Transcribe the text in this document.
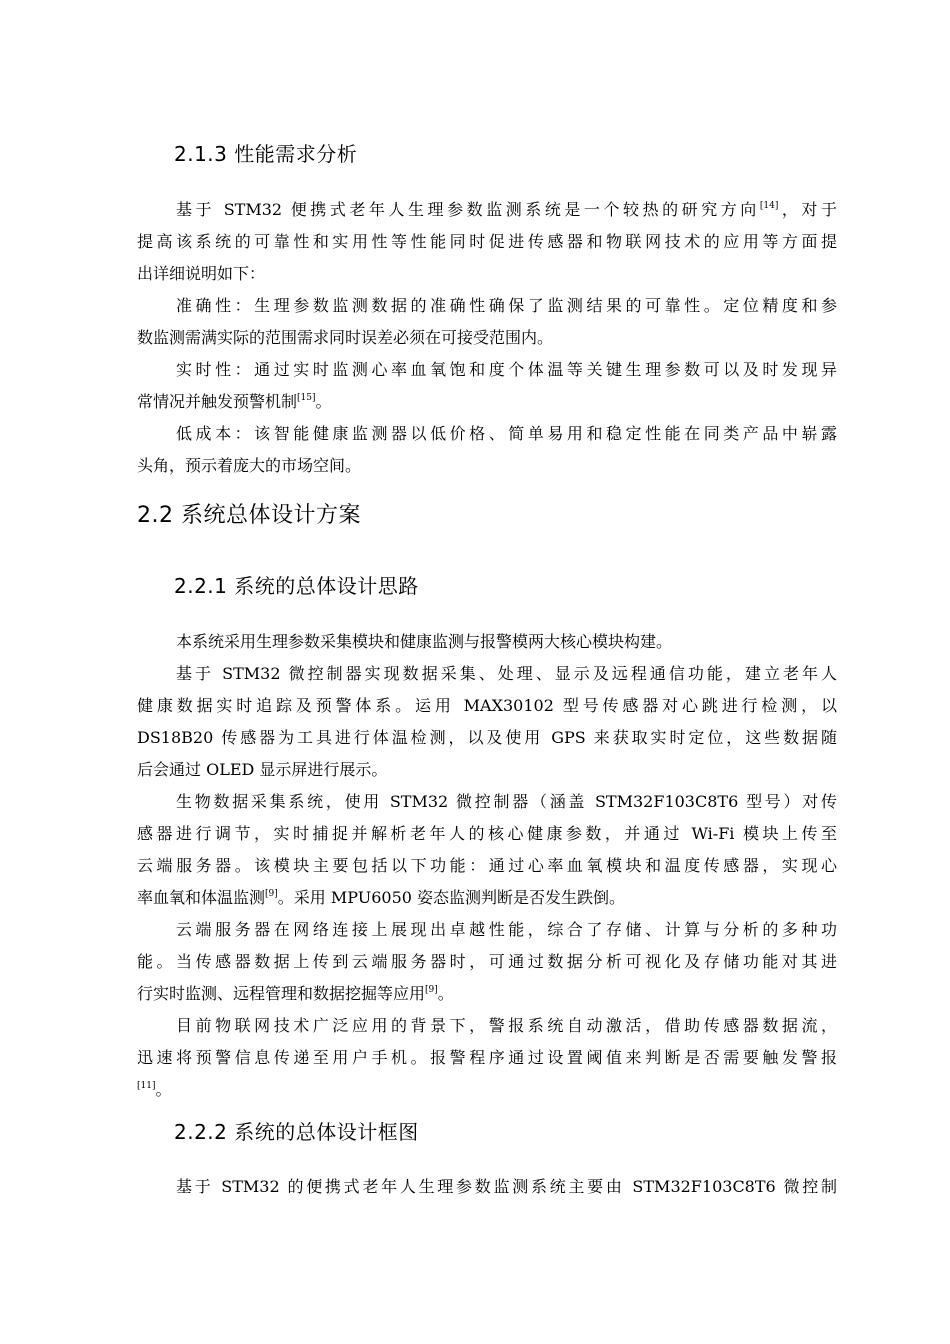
2.1.3 性能需求分析
基于 STM32 便携式老年人生理参数监测系统是一个较热的研究方向[14]，对于
提高该系统的可靠性和实用性等性能同时促进传感器和物联网技术的应用等方面提
出详细说明如下：
准确性：生理参数监测数据的准确性确保了监测结果的可靠性。定位精度和参
数监测需满实际的范围需求同时误差必须在可接受范围内。
实时性：通过实时监测心率血氧饱和度个体温等关键生理参数可以及时发现异
常情况并触发预警机制[15]。
低成本：该智能健康监测器以低价格、简单易用和稳定性能在同类产品中崭露
头角，预示着庞大的市场空间。
2.2 系统总体设计方案
2.2.1 系统的总体设计思路
本系统采用生理参数采集模块和健康监测与报警模两大核心模块构建。
基于 STM32 微控制器实现数据采集、处理、显示及远程通信功能，建立老年人
健康数据实时追踪及预警体系。运用 MAX30102 型号传感器对心跳进行检测，以
DS18B20 传感器为工具进行体温检测，以及使用 GPS 来获取实时定位，这些数据随
后会通过 OLED 显示屏进行展示。
生物数据采集系统，使用 STM32 微控制器（涵盖 STM32F103C8T6 型号）对传
感器进行调节，实时捕捉并解析老年人的核心健康参数，并通过 Wi-Fi 模块上传至
云端服务器。该模块主要包括以下功能：通过心率血氧模块和温度传感器，实现心
率血氧和体温监测[9]。采用 MPU6050 姿态监测判断是否发生跌倒。
云端服务器在网络连接上展现出卓越性能，综合了存储、计算与分析的多种功
能。当传感器数据上传到云端服务器时，可通过数据分析可视化及存储功能对其进
行实时监测、远程管理和数据挖掘等应用[9]。
目前物联网技术广泛应用的背景下，警报系统自动激活，借助传感器数据流，
迅速将预警信息传递至用户手机。报警程序通过设置阈值来判断是否需要触发警报
[11]。
2.2.2 系统的总体设计框图
基于 STM32 的便携式老年人生理参数监测系统主要由 STM32F103C8T6 微控制
